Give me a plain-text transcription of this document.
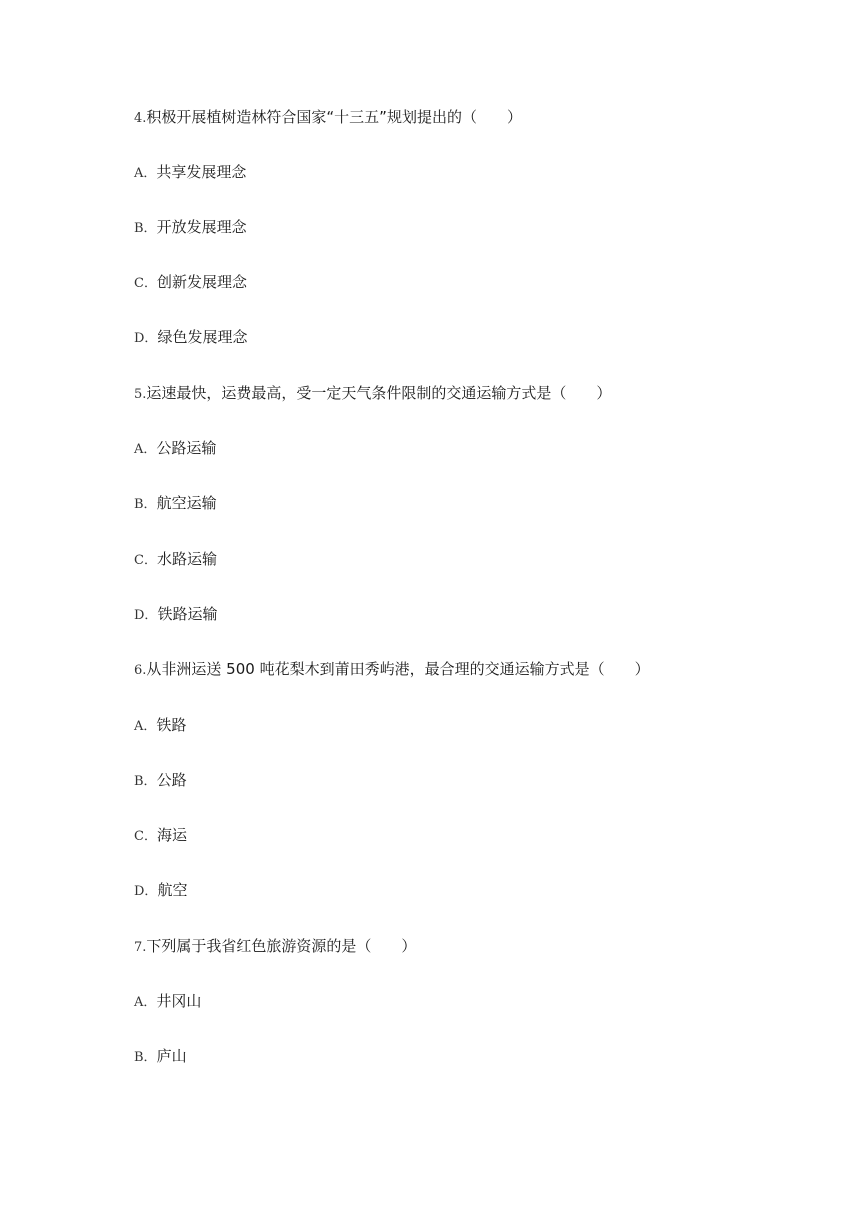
4.积极开展植树造林符合国家“十三五”规划提出的（　　）
A．共享发展理念
B．开放发展理念
C．创新发展理念
D．绿色发展理念
5.运速最快，运费最高，受一定天气条件限制的交通运输方式是（　　）
A．公路运输
B．航空运输
C．水路运输
D．铁路运输
6.从非洲运送 500 吨花梨木到莆田秀屿港，最合理的交通运输方式是（　　）
A．铁路
B．公路
C．海运
D．航空
7.下列属于我省红色旅游资源的是（　　）
A．井冈山
B．庐山
